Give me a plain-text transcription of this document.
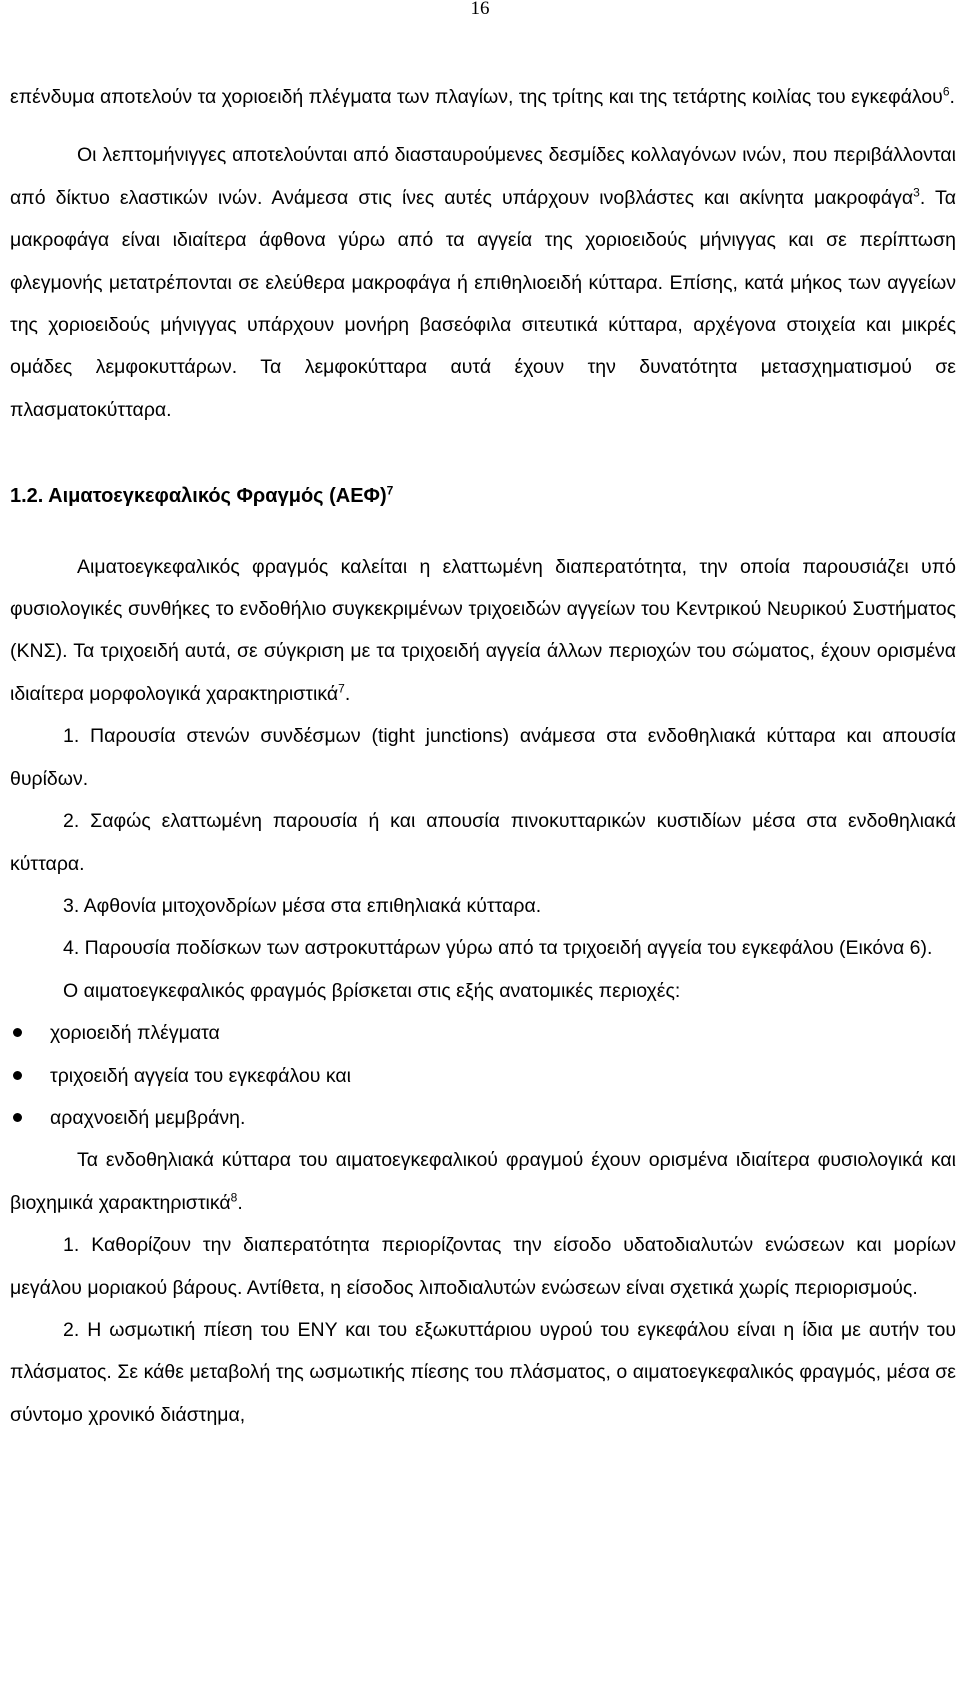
16

επένδυμα αποτελούν τα χοριοειδή πλέγματα των πλαγίων, της τρίτης και της τετάρτης κοιλίας του εγκεφάλου$^6$.

Οι λεπτομήνιγγες αποτελούνται από διασταυρούμενες δεσμίδες κολλαγόνων ινών, που περιβάλλονται από δίκτυο ελαστικών ινών. Ανάμεσα στις ίνες αυτές υπάρχουν ινοβλάστες και ακίνητα μακροφάγα$^3$. Τα μακροφάγα είναι ιδιαίτερα άφθονα γύρω από τα αγγεία της χοριοειδούς μήνιγγας και σε περίπτωση φλεγμονής μετατρέπονται σε ελεύθερα μακροφάγα ή επιθηλιοειδή κύτταρα. Επίσης, κατά μήκος των αγγείων της χοριοειδούς μήνιγγας υπάρχουν μονήρη βασεόφιλα σιτευτικά κύτταρα, αρχέγονα στοιχεία και μικρές ομάδες λεμφοκυττάρων. Τα λεμφοκύτταρα αυτά έχουν την δυνατότητα μετασχηματισμού σε πλασματοκύτταρα.

1.2. Αιματοεγκεφαλικός Φραγμός $(AE\Phi)^7$

Αιματοεγκεφαλικός φραγμός καλείται η ελαττωμένη διαπερατότητα, την οποία παρουσιάζει υπό φυσιολογικές συνθήκες το ενδοθήλιο συγκεκριμένων τριχοειδών αγγείων του Κεντρικού Νευρικού Συστήματος (ΚΝΣ). Τα τριχοειδή αυτά, σε σύγκριση με τα τριχοειδή αγγεία άλλων περιοχών του σώματος, έχουν ορισμένα ιδιαίτερα μορφολογικά χαρακτηριστικά$^7$.

1. Παρουσία στενών συνδέσμων (tight junctions) ανάμεσα στα ενδοθηλιακά κύτταρα και απουσία θυρίδων.

2. Σαφώς ελαττωμένη παρουσία ή και απουσία πινοκυτταρικών κυστιδίων μέσα στα ενδοθηλιακά κύτταρα.

3. Αφθονία μιτοχονδρίων μέσα στα επιθηλιακά κύτταρα.

4. Παρουσία ποδίσκων των αστροκυττάρων γύρω από τα τριχοειδή αγγεία του εγκεφάλου (Εικόνα 6).

Ο αιματοεγκεφαλικός φραγμός βρίσκεται στις εξής ανατομικές περιοχές:

χοριοειδή πλέγματα
τριχοειδή αγγεία του εγκεφάλου και
αραχνοειδή μεμβράνη.

Τα ενδοθηλιακά κύτταρα του αιματοεγκεφαλικού φραγμού έχουν ορισμένα ιδιαίτερα φυσιολογικά και βιοχημικά χαρακτηριστικά$^8$.

1. Καθορίζουν την διαπερατότητα περιορίζοντας την είσοδο υδατοδιαλυτών ενώσεων και μορίων μεγάλου μοριακού βάρους. Αντίθετα, η είσοδος λιποδιαλυτών ενώσεων είναι σχετικά χωρίς περιορισμούς.

2. Η ωσμωτική πίεση του ΕΝΥ και του εξωκυττάριου υγρού του εγκεφάλου είναι η ίδια με αυτήν του πλάσματος. Σε κάθε μεταβολή της ωσμωτικής πίεσης του πλάσματος, ο αιματοεγκεφαλικός φραγμός, μέσα σε σύντομο χρονικό διάστημα,
